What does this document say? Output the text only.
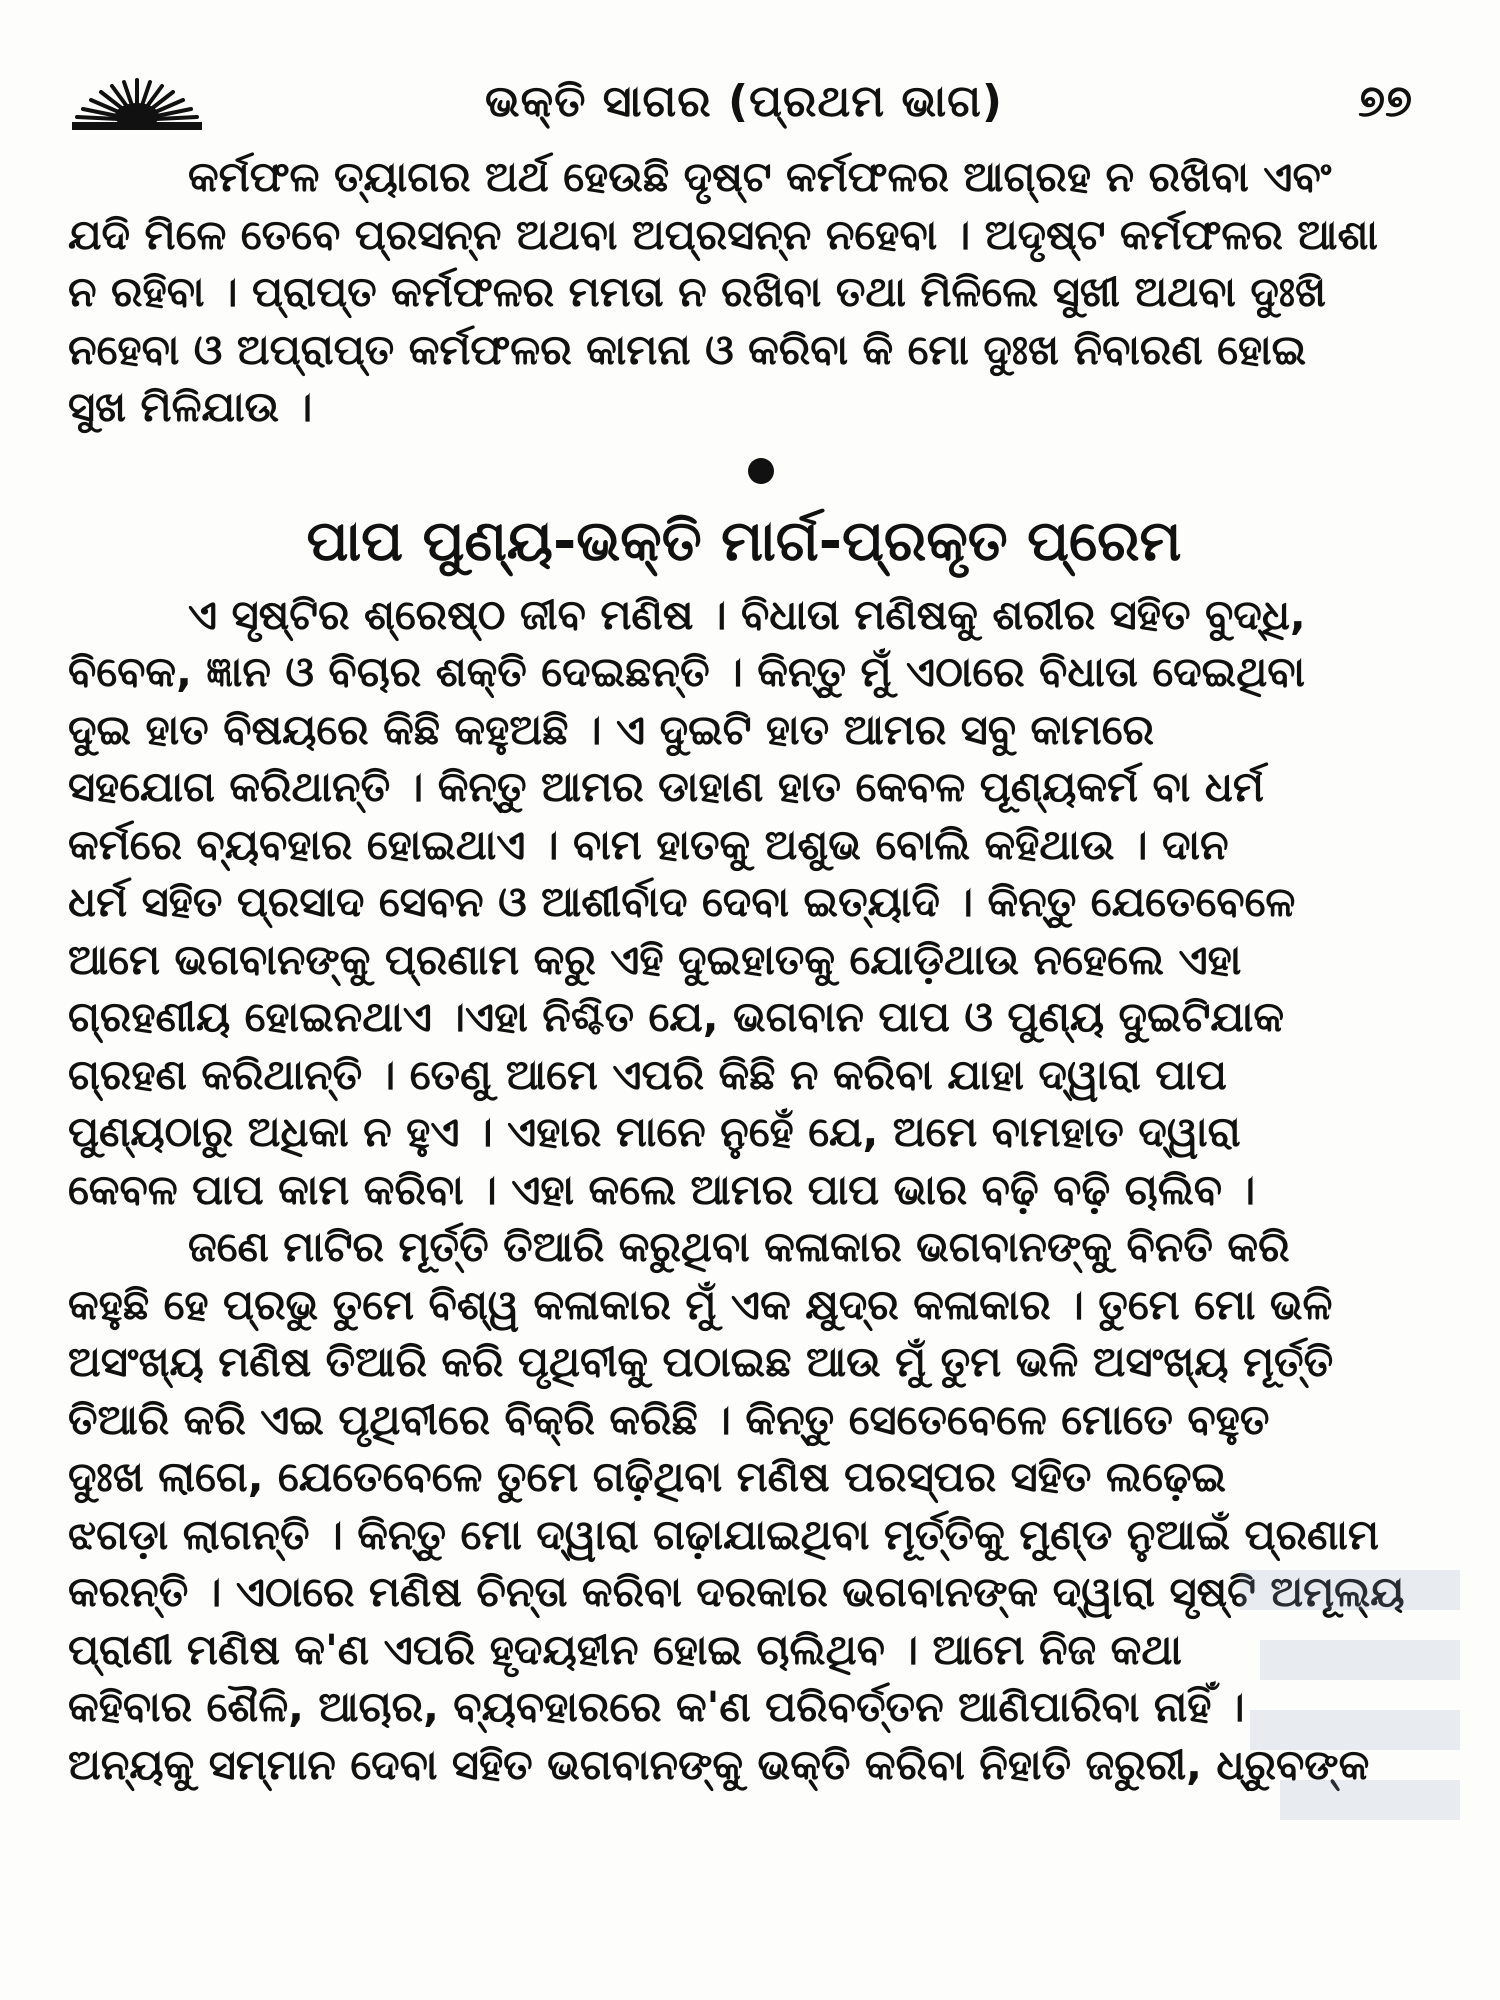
ଭକ୍ତି ସାଗର (ପ୍ରଥମ ଭାଗ)	୭୭

କର୍ମଫଳ ତ୍ୟାଗର ଅର୍ଥ ହେଉଛି ଦୃଷ୍ଟ କର୍ମଫଳର ଆଗ୍ରହ ନ ରଖିବା ଏବଂ
ଯଦି ମିଳେ ତେବେ ପ୍ରସନ୍ନ ଅଥବା ଅପ୍ରସନ୍ନ ନହେବା । ଅଦୃଷ୍ଟ କର୍ମଫଳର ଆଶା
ନ ରହିବା । ପ୍ରାପ୍ତ କର୍ମଫଳର ମମତା ନ ରଖିବା ତଥା ମିଳିଲେ ସୁଖୀ ଅଥବା ଦୁଃଖି
ନହେବା ଓ ଅପ୍ରାପ୍ତ କର୍ମଫଳର କାମନା ଓ କରିବା କି ମୋ ଦୁଃଖ ନିବାରଣ ହୋଇ
ସୁଖ ମିଳିଯାଉ ।

ପାପ ପୁଣ୍ୟ-ଭକ୍ତି ମାର୍ଗ-ପ୍ରକୃତ ପ୍ରେମ

ଏ ସୃଷ୍ଟିର ଶ୍ରେଷ୍ଠ ଜୀବ ମଣିଷ । ବିଧାତା ମଣିଷକୁ ଶରୀର ସହିତ ବୁଦ୍ଧି,
ବିବେକ, ଜ୍ଞାନ ଓ ବିଚାର ଶକ୍ତି ଦେଇଛନ୍ତି । କିନ୍ତୁ ମୁଁ ଏଠାରେ ବିଧାତା ଦେଇଥିବା
ଦୁଇ ହାତ ବିଷୟରେ କିଛି କହୁଅଛି । ଏ ଦୁଇଟି ହାତ ଆମର ସବୁ କାମରେ
ସହଯୋଗ କରିଥାନ୍ତି । କିନ୍ତୁ ଆମର ଡାହାଣ ହାତ କେବଳ ପୂଣ୍ୟକର୍ମ ବା ଧର୍ମ
କର୍ମରେ ବ୍ୟବହାର ହୋଇଥାଏ । ବାମ ହାତକୁ ଅଶୁଭ ବୋଲି କହିଥାଉ । ଦାନ
ଧର୍ମ ସହିତ ପ୍ରସାଦ ସେବନ ଓ ଆଶୀର୍ବାଦ ଦେବା ଇତ୍ୟାଦି । କିନ୍ତୁ ଯେତେବେଳେ
ଆମେ ଭଗବାନଙ୍କୁ ପ୍ରଣାମ କରୁ ଏହି ଦୁଇହାତକୁ ଯୋଡ଼ିଥାଉ ନହେଲେ ଏହା
ଗ୍ରହଣୀୟ ହୋଇନଥାଏ ।ଏହା ନିଶ୍ଚିତ ଯେ, ଭଗବାନ ପାପ ଓ ପୁଣ୍ୟ ଦୁଇଟିଯାକ
ଗ୍ରହଣ କରିଥାନ୍ତି । ତେଣୁ ଆମେ ଏପରି କିଛି ନ କରିବା ଯାହା ଦ୍ୱାରା ପାପ
ପୁଣ୍ୟଠାରୁ ଅଧିକା ନ ହୁଏ । ଏହାର ମାନେ ନୁହେଁ ଯେ, ଅମେ ବାମହାତ ଦ୍ୱାରା
କେବଳ ପାପ କାମ କରିବା । ଏହା କଲେ ଆମର ପାପ ଭାର ବଢ଼ି ବଢ଼ି ଚାଲିବ ।

ଜଣେ ମାଟିର ମୂର୍ତ୍ତି ତିଆରି କରୁଥିବା କଳାକାର ଭଗବାନଙ୍କୁ ବିନତି କରି
କହୁଛି ହେ ପ୍ରଭୁ ତୁମେ ବିଶ୍ୱ କଳାକାର ମୁଁ ଏକ କ୍ଷୁଦ୍ର କଳାକାର । ତୁମେ ମୋ ଭଳି
ଅସଂଖ୍ୟ ମଣିଷ ତିଆରି କରି ପୃଥିବୀକୁ ପଠାଇଛ ଆଉ ମୁଁ ତୁମ ଭଳି ଅସଂଖ୍ୟ ମୂର୍ତ୍ତି
ତିଆରି କରି ଏଇ ପୃଥିବୀରେ ବିକ୍ରି କରିଛି । କିନ୍ତୁ ସେତେବେଳେ ମୋତେ ବହୁତ
ଦୁଃଖ ଲାଗେ, ଯେତେବେଳେ ତୁମେ ଗଢ଼ିଥିବା ମଣିଷ ପରସ୍ପର ସହିତ ଲଢ଼େଇ
ଝଗଡ଼ା ଲାଗନ୍ତି । କିନ୍ତୁ ମୋ ଦ୍ୱାରା ଗଢ଼ାଯାଇଥିବା ମୂର୍ତ୍ତିକୁ ମୁଣ୍ଡ ନୁଆଇଁ ପ୍ରଣାମ
କରନ୍ତି । ଏଠାରେ ମଣିଷ ଚିନ୍ତା କରିବା ଦରକାର ଭଗବାନଙ୍କ ଦ୍ୱାରା ସୃଷ୍ଟି ଅମୂଲ୍ୟ
ପ୍ରାଣୀ ମଣିଷ କ'ଣ ଏପରି ହୃଦୟହୀନ ହୋଇ ଚାଲିଥିବ । ଆମେ ନିଜ କଥା
କହିବାର ଶୈଳି, ଆଚାର, ବ୍ୟବହାରରେ କ'ଣ ପରିବର୍ତ୍ତନ ଆଣିପାରିବା ନାହିଁ ।
ଅନ୍ୟକୁ ସମ୍ମାନ ଦେବା ସହିତ ଭଗବାନଙ୍କୁ ଭକ୍ତି କରିବା ନିହାତି ଜରୁରୀ, ଧ୍ରୁବଙ୍କ
